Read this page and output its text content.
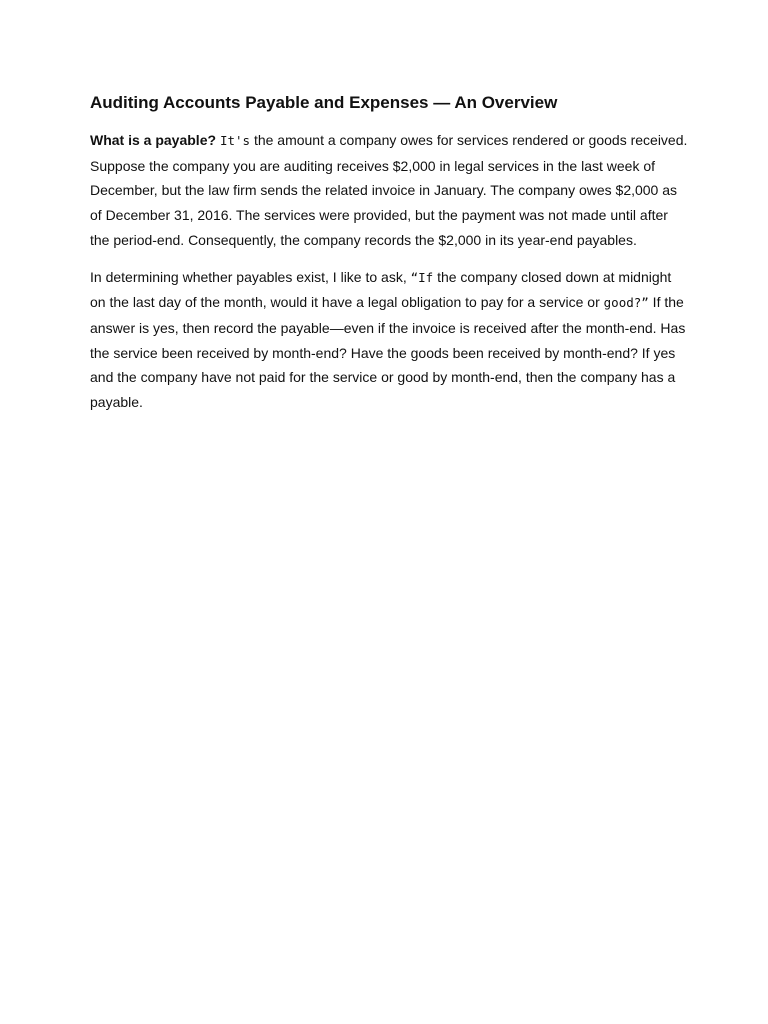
Auditing Accounts Payable and Expenses — An Overview

What is a payable? It's the amount a company owes for services rendered or goods received. Suppose the company you are auditing receives $2,000 in legal services in the last week of December, but the law firm sends the related invoice in January. The company owes $2,000 as of December 31, 2016. The services were provided, but the payment was not made until after the period-end. Consequently, the company records the $2,000 in its year-end payables.

In determining whether payables exist, I like to ask, “If the company closed down at midnight on the last day of the month, would it have a legal obligation to pay for a service or good?” If the answer is yes, then record the payable—even if the invoice is received after the month-end. Has the service been received by month-end? Have the goods been received by month-end? If yes and the company have not paid for the service or good by month-end, then the company has a payable.
